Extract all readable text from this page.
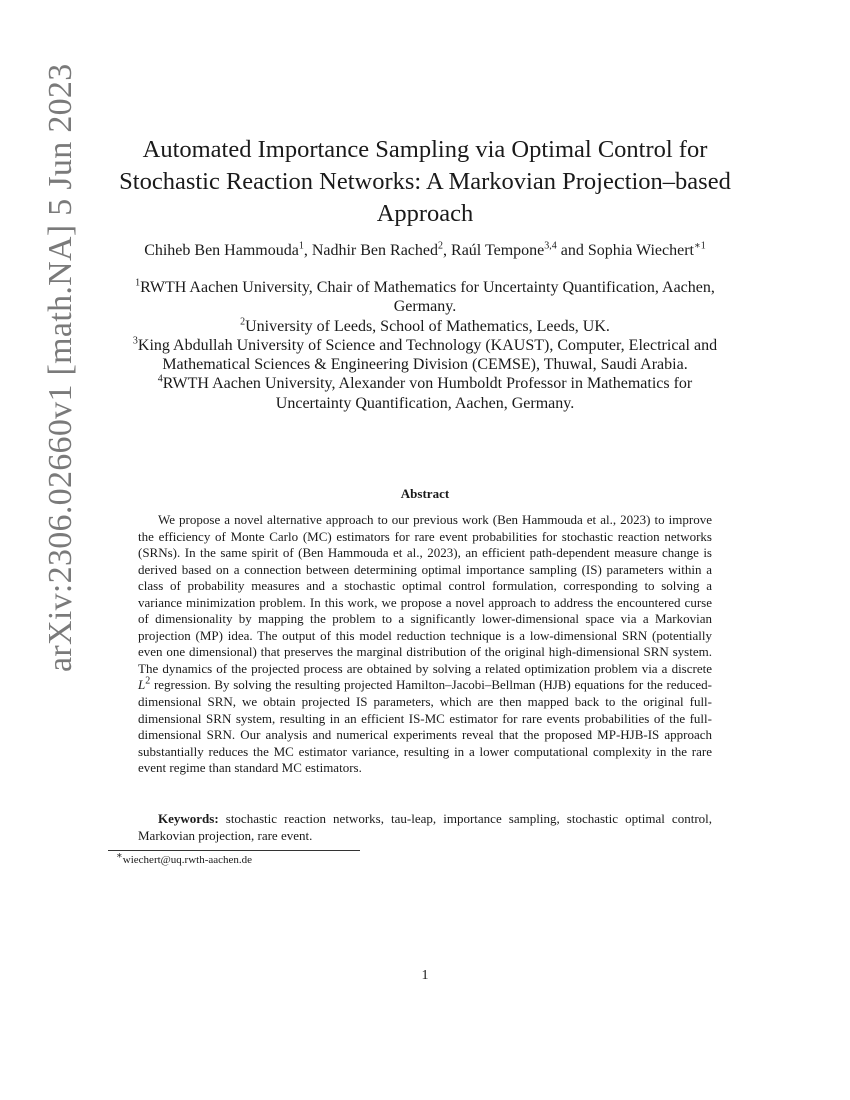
arXiv:2306.02660v1 [math.NA] 5 Jun 2023	Automated Importance Sampling via Optimal Control for
Stochastic Reaction Networks: A Markovian Projection–based
Approach
Chiheb Ben Hammouda$^1$, Nadhir Ben Rached$^2$, Raúl Tempone$^{3,4}$ and Sophia Wiechert$^{∗1}$
$^1$RWTH Aachen University, Chair of Mathematics for Uncertainty Quantification, Aachen,
Germany.
$^2$University of Leeds, School of Mathematics, Leeds, UK.
$^3$King Abdullah University of Science and Technology (KAUST), Computer, Electrical and
Mathematical Sciences & Engineering Division (CEMSE), Thuwal, Saudi Arabia.
$^4$RWTH Aachen University, Alexander von Humboldt Professor in Mathematics for
Uncertainty Quantification, Aachen, Germany.
Abstract

We propose a novel alternative approach to our previous work (Ben Hammouda et al., 2023) to improve the efficiency of Monte Carlo (MC) estimators for rare event probabilities for stochastic reaction networks (SRNs). In the same spirit of (Ben Hammouda et al., 2023), an efficient path-dependent measure change is derived based on a connection between determining optimal importance sampling (IS) parameters within a class of probability measures and a stochastic optimal control formulation, corresponding to solving a variance minimization problem. In this work, we propose a novel approach to address the encountered curse of dimensionality by mapping the problem to a significantly lower-dimensional space via a Markovian projection (MP) idea. The output of this model reduction technique is a low-dimensional SRN (potentially even one dimensional) that preserves the marginal distribution of the original high-dimensional SRN system. The dynamics of the projected process are obtained by solving a related optimization problem via a discrete $L^2$ regression. By solving the resulting projected Hamilton–Jacobi–Bellman (HJB) equations for the reduced-dimensional SRN, we obtain projected IS parameters, which are then mapped back to the original full-dimensional SRN system, resulting in an efficient IS-MC estimator for rare events probabilities of the full-dimensional SRN. Our analysis and numerical experiments reveal that the proposed MP-HJB-IS approach substantially reduces the MC estimator variance, resulting in a lower computational complexity in the rare event regime than standard MC estimators.

Keywords: stochastic reaction networks, tau-leap, importance sampling, stochastic optimal control, Markovian projection, rare event.

∗wiechert@uq.rwth-aachen.de
1
